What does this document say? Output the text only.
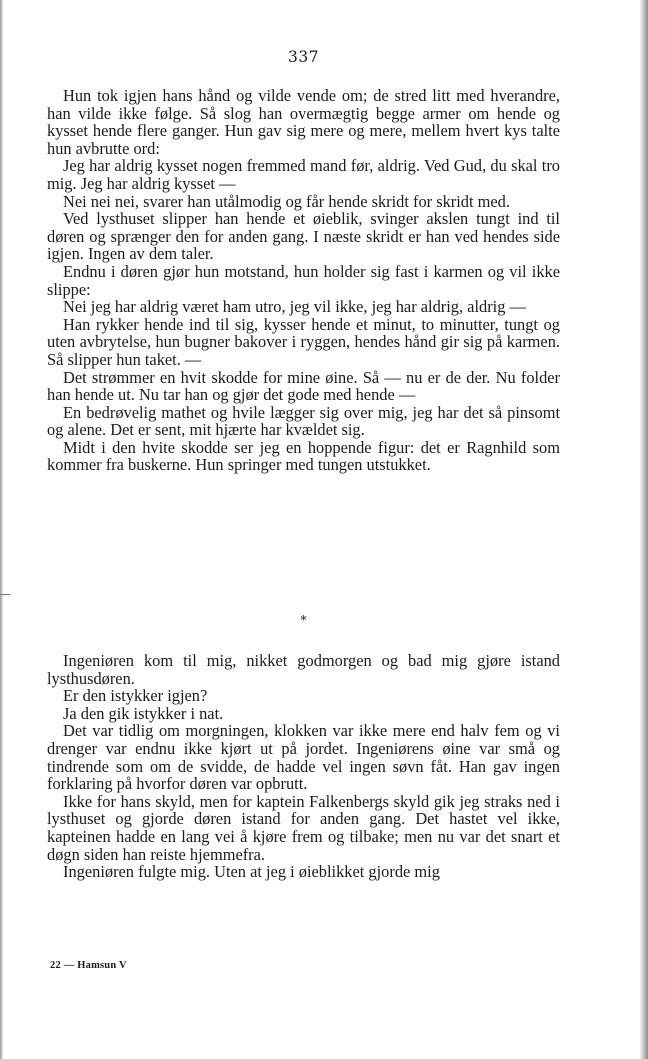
337

Hun tok igjen hans hånd og vilde vende om; de stred litt med hverandre, han vilde ikke følge. Så slog han overmægtig begge armer om hende og kysset hende flere ganger. Hun gav sig mere og mere, mellem hvert kys talte hun avbrutte ord:

Jeg har aldrig kysset nogen fremmed mand før, aldrig. Ved Gud, du skal tro mig. Jeg har aldrig kysset —

Nei nei nei, svarer han utålmodig og får hende skridt for skridt med.

Ved lysthuset slipper han hende et øieblik, svinger akslen tungt ind til døren og sprænger den for anden gang. I næste skridt er han ved hendes side igjen. Ingen av dem taler.

Endnu i døren gjør hun motstand, hun holder sig fast i karmen og vil ikke slippe:

Nei jeg har aldrig været ham utro, jeg vil ikke, jeg har aldrig, aldrig —

Han rykker hende ind til sig, kysser hende et minut, to minutter, tungt og uten avbrytelse, hun bugner bakover i ryggen, hendes hånd gir sig på karmen. Så slipper hun taket. —

Det strømmer en hvit skodde for mine øine. Så — nu er de der. Nu folder han hende ut. Nu tar han og gjør det gode med hende —

En bedrøvelig mathet og hvile lægger sig over mig, jeg har det så pinsomt og alene. Det er sent, mit hjærte har kvældet sig.

Midt i den hvite skodde ser jeg en hoppende figur: det er Ragnhild som kommer fra buskerne. Hun springer med tungen utstukket.

*

Ingeniøren kom til mig, nikket godmorgen og bad mig gjøre istand lysthusdøren.

Er den istykker igjen?

Ja den gik istykker i nat.

Det var tidlig om morgningen, klokken var ikke mere end halv fem og vi drenger var endnu ikke kjørt ut på jordet. Ingeniørens øine var små og tindrende som om de svidde, de hadde vel ingen søvn fåt. Han gav ingen forklaring på hvorfor døren var opbrutt.

Ikke for hans skyld, men for kaptein Falkenbergs skyld gik jeg straks ned i lysthuset og gjorde døren istand for anden gang. Det hastet vel ikke, kapteinen hadde en lang vei å kjøre frem og tilbake; men nu var det snart et døgn siden han reiste hjemmefra.

Ingeniøren fulgte mig. Uten at jeg i øieblikket gjorde mig

22 — Hamsun V
